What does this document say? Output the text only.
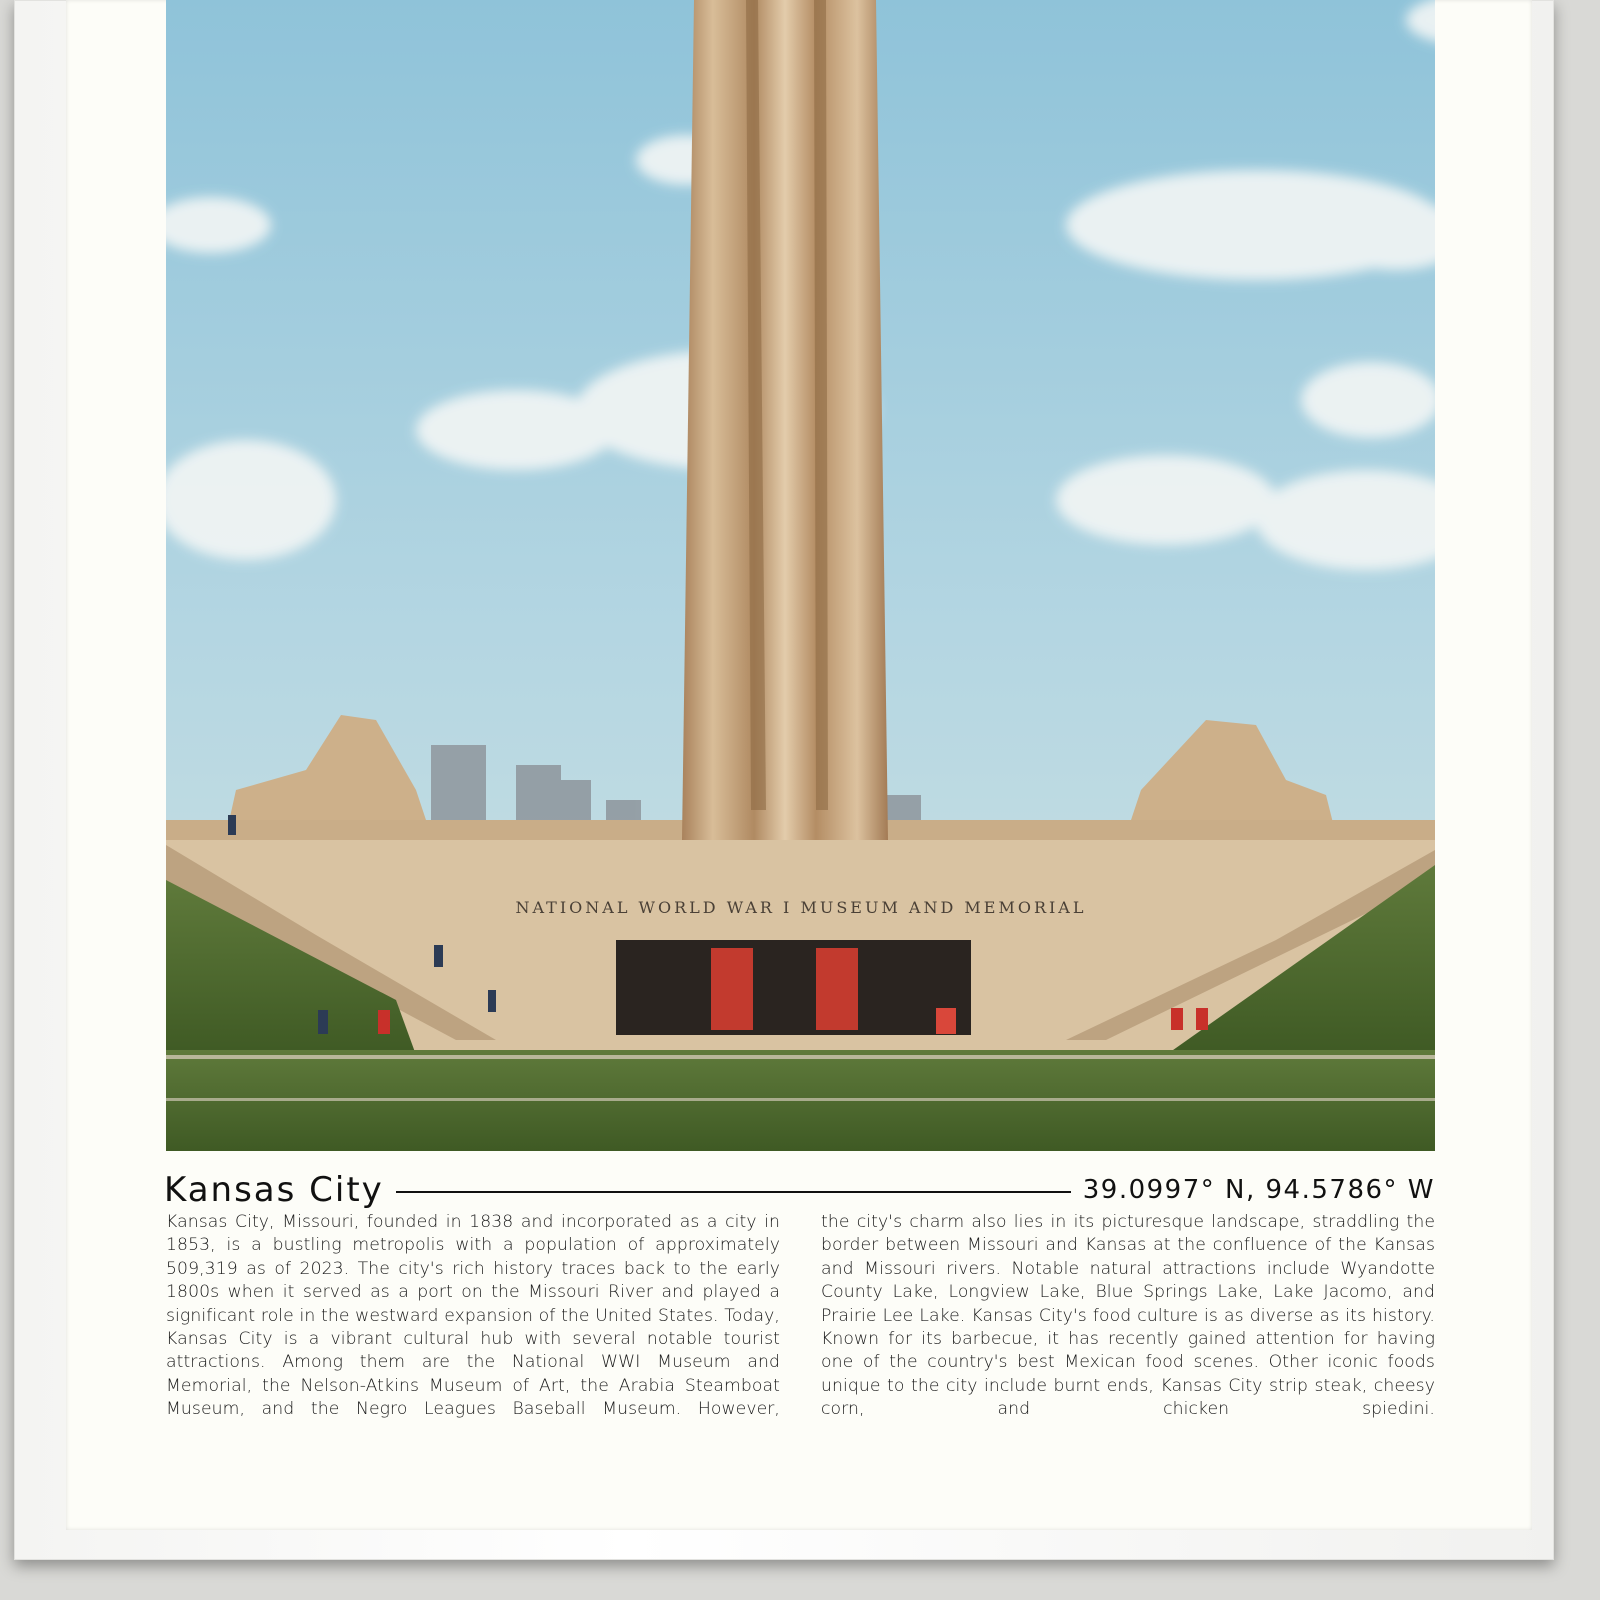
NATIONAL WORLD WAR I MUSEUM AND MEMORIAL
Kansas City	39.0997° N, 94.5786° W

Kansas City, Missouri, founded in 1838 and incorporated as a city in 1853, is a bustling metropolis with a population of approximately 509,319 as of 2023. The city's rich history traces back to the early 1800s when it served as a port on the Missouri River and played a significant role in the westward expansion of the United States. Today, Kansas City is a vibrant cultural hub with several notable tourist attractions. Among them are the National WWI Museum and Memorial, the Nelson-Atkins Museum of Art, the Arabia Steamboat Museum, and the Negro Leagues Baseball Museum. However,

the city's charm also lies in its picturesque landscape, straddling the border between Missouri and Kansas at the confluence of the Kansas and Missouri rivers. Notable natural attractions include Wyandotte County Lake, Longview Lake, Blue Springs Lake, Lake Jacomo, and Prairie Lee Lake. Kansas City's food culture is as diverse as its history. Known for its barbecue, it has recently gained attention for having one of the country's best Mexican food scenes. Other iconic foods unique to the city include burnt ends, Kansas City strip steak, cheesy corn, and chicken spiedini.
